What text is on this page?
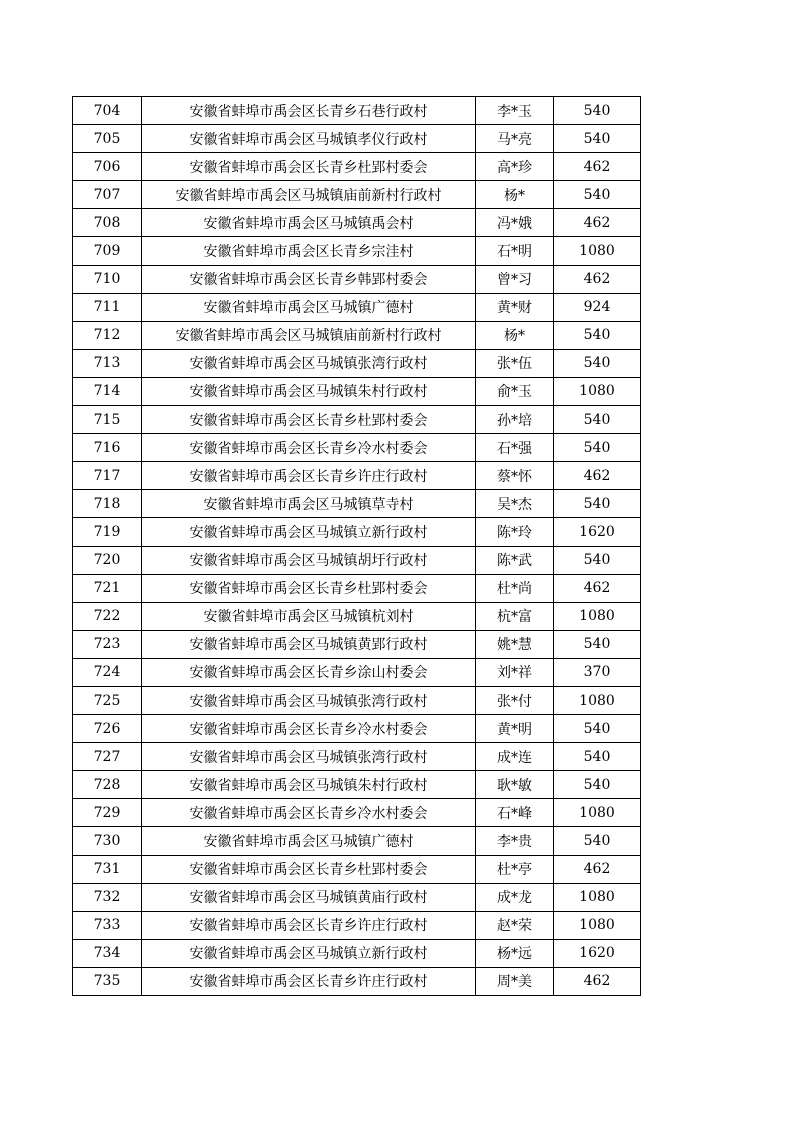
704	安徽省蚌埠市禹会区长青乡石巷行政村	李*玉	540
705	安徽省蚌埠市禹会区马城镇孝仪行政村	马*亮	540
706	安徽省蚌埠市禹会区长青乡杜郢村委会	高*珍	462
707	安徽省蚌埠市禹会区马城镇庙前新村行政村	杨*	540
708	安徽省蚌埠市禹会区马城镇禹会村	冯*娥	462
709	安徽省蚌埠市禹会区长青乡宗洼村	石*明	1080
710	安徽省蚌埠市禹会区长青乡韩郢村委会	曾*习	462
711	安徽省蚌埠市禹会区马城镇广德村	黄*财	924
712	安徽省蚌埠市禹会区马城镇庙前新村行政村	杨*	540
713	安徽省蚌埠市禹会区马城镇张湾行政村	张*伍	540
714	安徽省蚌埠市禹会区马城镇朱村行政村	俞*玉	1080
715	安徽省蚌埠市禹会区长青乡杜郢村委会	孙*培	540
716	安徽省蚌埠市禹会区长青乡冷水村委会	石*强	540
717	安徽省蚌埠市禹会区长青乡许庄行政村	蔡*怀	462
718	安徽省蚌埠市禹会区马城镇草寺村	吴*杰	540
719	安徽省蚌埠市禹会区马城镇立新行政村	陈*玲	1620
720	安徽省蚌埠市禹会区马城镇胡圩行政村	陈*武	540
721	安徽省蚌埠市禹会区长青乡杜郢村委会	杜*尚	462
722	安徽省蚌埠市禹会区马城镇杭刘村	杭*富	1080
723	安徽省蚌埠市禹会区马城镇黄郢行政村	姚*慧	540
724	安徽省蚌埠市禹会区长青乡涂山村委会	刘*祥	370
725	安徽省蚌埠市禹会区马城镇张湾行政村	张*付	1080
726	安徽省蚌埠市禹会区长青乡冷水村委会	黄*明	540
727	安徽省蚌埠市禹会区马城镇张湾行政村	成*连	540
728	安徽省蚌埠市禹会区马城镇朱村行政村	耿*敏	540
729	安徽省蚌埠市禹会区长青乡冷水村委会	石*峰	1080
730	安徽省蚌埠市禹会区马城镇广德村	李*贵	540
731	安徽省蚌埠市禹会区长青乡杜郢村委会	杜*亭	462
732	安徽省蚌埠市禹会区马城镇黄庙行政村	成*龙	1080
733	安徽省蚌埠市禹会区长青乡许庄行政村	赵*荣	1080
734	安徽省蚌埠市禹会区马城镇立新行政村	杨*远	1620
735	安徽省蚌埠市禹会区长青乡许庄行政村	周*美	462
